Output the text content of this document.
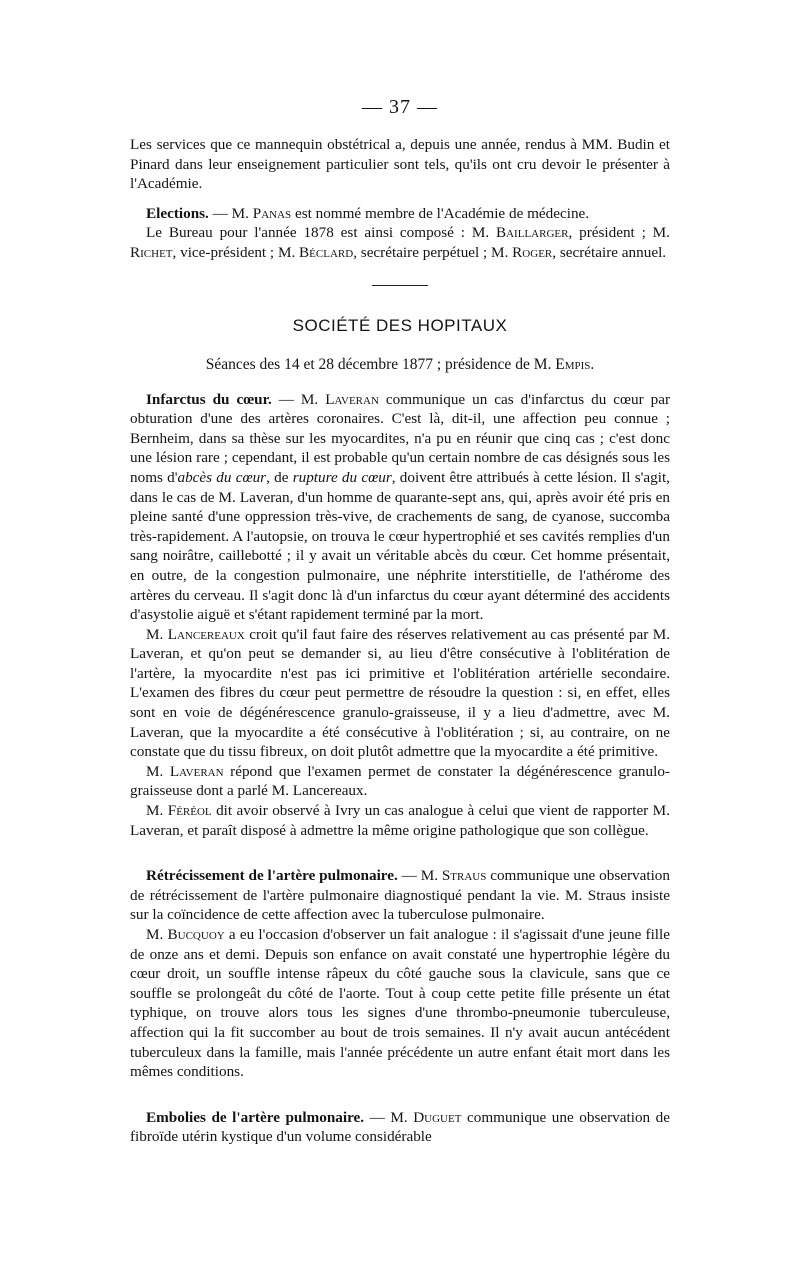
— 37 —

Les services que ce mannequin obstétrical a, depuis une année, rendus à MM. Budin et Pinard dans leur enseignement particulier sont tels, qu'ils ont cru devoir le présenter à l'Académie.

Elections. — M. Panas est nommé membre de l'Académie de médecine.

Le Bureau pour l'année 1878 est ainsi composé : M. Baillarger, président ; M. Richet, vice-président ; M. Béclard, secrétaire perpétuel ; M. Roger, secrétaire annuel.

SOCIÉTÉ DES HOPITAUX
Séances des 14 et 28 décembre 1877 ; présidence de M. Empis.

Infarctus du cœur. — M. Laveran communique un cas d'infarctus du cœur par obturation d'une des artères coronaires. C'est là, dit-il, une affection peu connue ; Bernheim, dans sa thèse sur les myocardites, n'a pu en réunir que cinq cas ; c'est donc une lésion rare ; cependant, il est probable qu'un certain nombre de cas désignés sous les noms d'abcès du cœur, de rupture du cœur, doivent être attribués à cette lésion. Il s'agit, dans le cas de M. Laveran, d'un homme de quarante-sept ans, qui, après avoir été pris en pleine santé d'une oppression très-vive, de crachements de sang, de cyanose, succomba très-rapidement. A l'autopsie, on trouva le cœur hypertrophié et ses cavités remplies d'un sang noirâtre, caillebotté ; il y avait un véritable abcès du cœur. Cet homme présentait, en outre, de la congestion pulmonaire, une néphrite interstitielle, de l'athérome des artères du cerveau. Il s'agit donc là d'un infarctus du cœur ayant déterminé des accidents d'asystolie aiguë et s'étant rapidement terminé par la mort.

M. Lancereaux croit qu'il faut faire des réserves relativement au cas présenté par M. Laveran, et qu'on peut se demander si, au lieu d'être consécutive à l'oblitération de l'artère, la myocardite n'est pas ici primitive et l'oblitération artérielle secondaire. L'examen des fibres du cœur peut permettre de résoudre la question : si, en effet, elles sont en voie de dégénérescence granulo-graisseuse, il y a lieu d'admettre, avec M. Laveran, que la myocardite a été consécutive à l'oblitération ; si, au contraire, on ne constate que du tissu fibreux, on doit plutôt admettre que la myocardite a été primitive.

M. Laveran répond que l'examen permet de constater la dégénérescence granulo-graisseuse dont a parlé M. Lancereaux.

M. Féréol dit avoir observé à Ivry un cas analogue à celui que vient de rapporter M. Laveran, et paraît disposé à admettre la même origine pathologique que son collègue.

Rétrécissement de l'artère pulmonaire. — M. Straus communique une observation de rétrécissement de l'artère pulmonaire diagnostiqué pendant la vie. M. Straus insiste sur la coïncidence de cette affection avec la tuberculose pulmonaire.

M. Bucquoy a eu l'occasion d'observer un fait analogue : il s'agissait d'une jeune fille de onze ans et demi. Depuis son enfance on avait constaté une hypertrophie légère du cœur droit, un souffle intense râpeux du côté gauche sous la clavicule, sans que ce souffle se prolongeât du côté de l'aorte. Tout à coup cette petite fille présente un état typhique, on trouve alors tous les signes d'une thrombo-pneumonie tuberculeuse, affection qui la fit succomber au bout de trois semaines. Il n'y avait aucun antécédent tuberculeux dans la famille, mais l'année précédente un autre enfant était mort dans les mêmes conditions.

Embolies de l'artère pulmonaire. — M. Duguet communique une observation de fibroïde utérin kystique d'un volume considérable
